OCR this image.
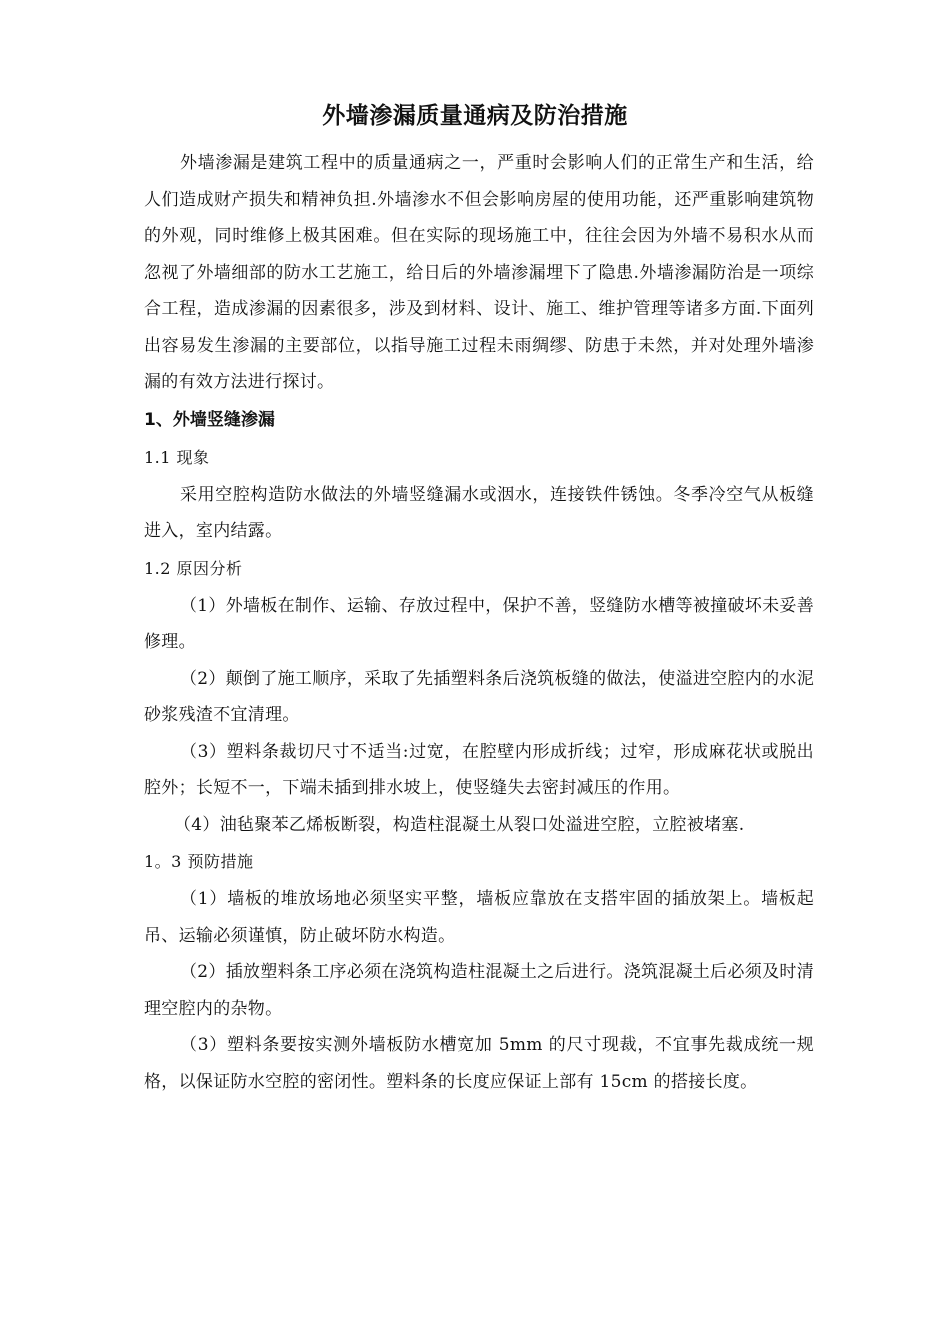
外墙渗漏质量通病及防治措施

外墙渗漏是建筑工程中的质量通病之一，严重时会影响人们的正常生产和生活，给人们造成财产损失和精神负担.外墙渗水不但会影响房屋的使用功能，还严重影响建筑物的外观，同时维修上极其困难。但在实际的现场施工中，往往会因为外墙不易积水从而忽视了外墙细部的防水工艺施工，给日后的外墙渗漏埋下了隐患.外墙渗漏防治是一项综合工程，造成渗漏的因素很多，涉及到材料、设计、施工、维护管理等诸多方面.下面列出容易发生渗漏的主要部位，以指导施工过程未雨绸缪、防患于未然，并对处理外墙渗漏的有效方法进行探讨。

1、外墙竖缝渗漏

1.1 现象

采用空腔构造防水做法的外墙竖缝漏水或洇水，连接铁件锈蚀。冬季冷空气从板缝进入，室内结露。

1.2 原因分析

（1）外墙板在制作、运输、存放过程中，保护不善，竖缝防水槽等被撞破坏未妥善修理。

（2）颠倒了施工顺序，采取了先插塑料条后浇筑板缝的做法，使溢进空腔内的水泥砂浆残渣不宜清理。

（3）塑料条裁切尺寸不适当:过宽，在腔壁内形成折线；过窄，形成麻花状或脱出腔外；长短不一，下端未插到排水坡上，使竖缝失去密封减压的作用。

（4）油毡聚苯乙烯板断裂，构造柱混凝土从裂口处溢进空腔，立腔被堵塞.

1。3 预防措施

（1）墙板的堆放场地必须坚实平整，墙板应靠放在支搭牢固的插放架上。墙板起吊、运输必须谨慎，防止破坏防水构造。

（2）插放塑料条工序必须在浇筑构造柱混凝土之后进行。浇筑混凝土后必须及时清理空腔内的杂物。

（3）塑料条要按实测外墙板防水槽宽加 5mm 的尺寸现裁，不宜事先裁成统一规格，以保证防水空腔的密闭性。塑料条的长度应保证上部有 15cm 的搭接长度。
